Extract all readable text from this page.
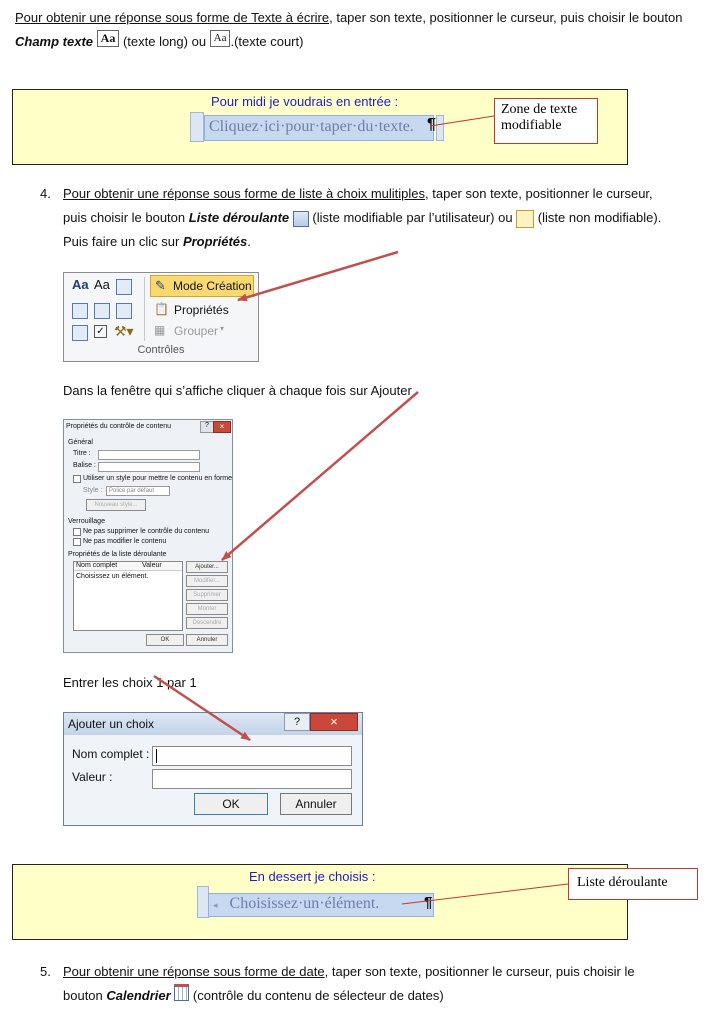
Pour obtenir une réponse sous forme de Texte à écrire, taper son texte, positionner le curseur, puis choisir le bouton Champ texte Aa (texte long) ou Aa .(texte court)
Pour midi je voudrais en entrée :
Cliquez·ici·pour·taper·du·texte. ¶
Zone de texte modifiable
4. Pour obtenir une réponse sous forme de liste à choix mulitiples, taper son texte, positionner le curseur, puis choisir le bouton Liste déroulante  (liste modifiable par l’utilisateur) ou  (liste non modifiable). Puis faire un clic sur Propriétés.
Aa Aa
✓ ⚒▾
✎ Mode Création
📋 Propriétés
▦ Grouper ▾
Contrôles
Dans la fenêtre qui s’affiche cliquer à chaque fois sur Ajouter
Propriétés du contrôle de contenu	?	×
Général
Titre :
Balise :
Utiliser un style pour mettre le contenu en forme
Style :	Police par défaut
Nouveau style...
Verrouillage
Ne pas supprimer le contrôle du contenu
Ne pas modifier le contenu
Propriétés de la liste déroulante
Nom complet	Valeur
Choisissez un élément.
Ajouter...
Modifier...
Supprimer
Monter
Descendre
OK	Annuler
Entrer les choix 1 par 1
Ajouter un choix	?	×
Nom complet :
Valeur :
OK	Annuler
En dessert je choisis :
◂ Choisissez·un·élément.	¶
Liste déroulante
5. Pour obtenir une réponse sous forme de date, taper son texte, positionner le curseur, puis choisir le bouton Calendrier  (contrôle du contenu de sélecteur de dates)
